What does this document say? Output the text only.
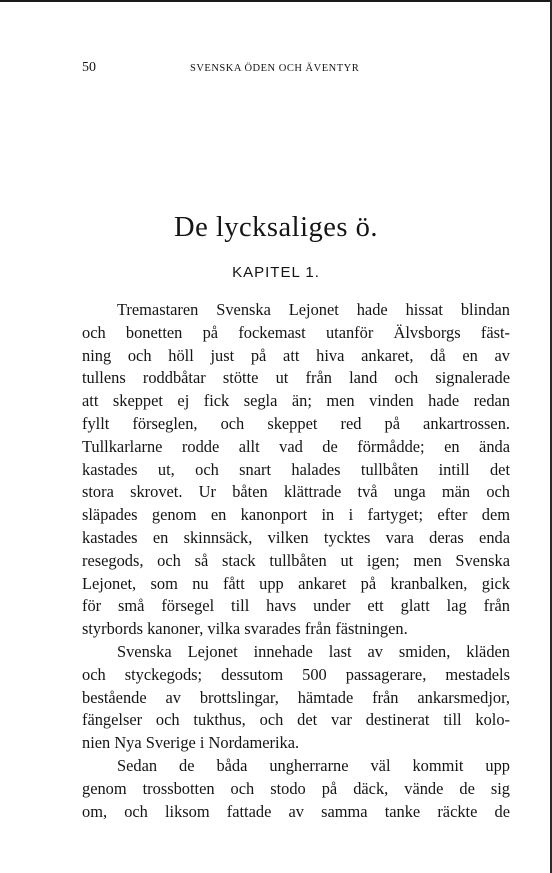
50	SVENSKA ÖDEN OCH ÄVENTYR
De lycksaliges ö.
KAPITEL 1.
Tremastaren Svenska Lejonet hade hissat blindan
och bonetten på fockemast utanför Älvsborgs fäst-
ning och höll just på att hiva ankaret, då en av
tullens roddbåtar stötte ut från land och signalerade
att skeppet ej fick segla än; men vinden hade redan
fyllt förseglen, och skeppet red på ankartrossen.
Tullkarlarne rodde allt vad de förmådde; en ända
kastades ut, och snart halades tullbåten intill det
stora skrovet. Ur båten klättrade två unga män och
släpades genom en kanonport in i fartyget; efter dem
kastades en skinnsäck, vilken tycktes vara deras enda
resegods, och så stack tullbåten ut igen; men Svenska
Lejonet, som nu fått upp ankaret på kranbalken, gick
för små försegel till havs under ett glatt lag från
styrbords kanoner, vilka svarades från fästningen.
Svenska Lejonet innehade last av smiden, kläden
och styckegods; dessutom 500 passagerare, mestadels
bestående av brottslingar, hämtade från ankarsmedjor,
fängelser och tukthus, och det var destinerat till kolo-
nien Nya Sverige i Nordamerika.
Sedan de båda ungherrarne väl kommit upp
genom trossbotten och stodo på däck, vände de sig
om, och liksom fattade av samma tanke räckte de
